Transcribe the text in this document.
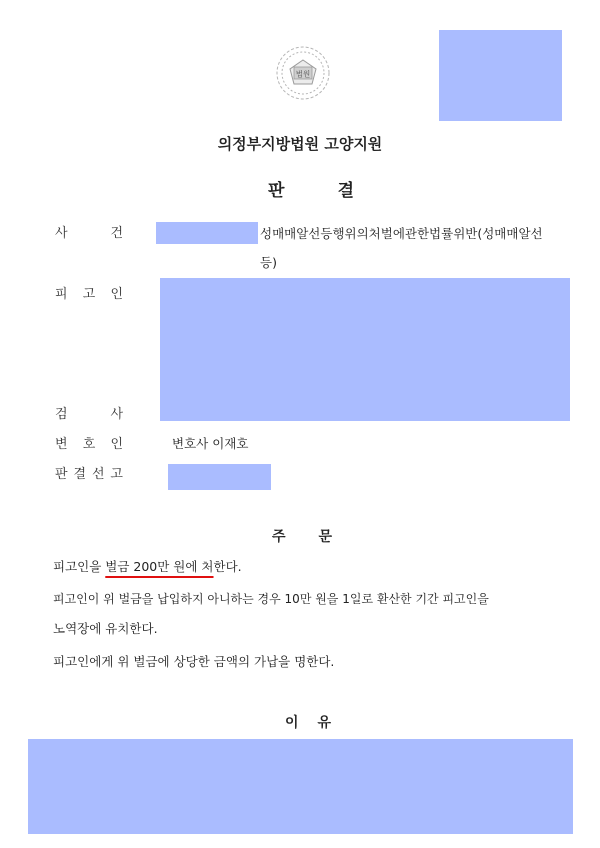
법원
의정부지방법원 고양지원
판	결
사	건	성매매알선등행위의처벌에관한법률위반(성매매알선
등)
피 고 인
검	사
변 호 인	변호사 이재호
판 결 선 고
주 문
피고인을 벌금 200만 원에 처한다.
피고인이 위 벌금을 납입하지 아니하는 경우 10만 원을 1일로 환산한 기간 피고인을
노역장에 유치한다.
피고인에게 위 벌금에 상당한 금액의 가납을 명한다.
이 유
